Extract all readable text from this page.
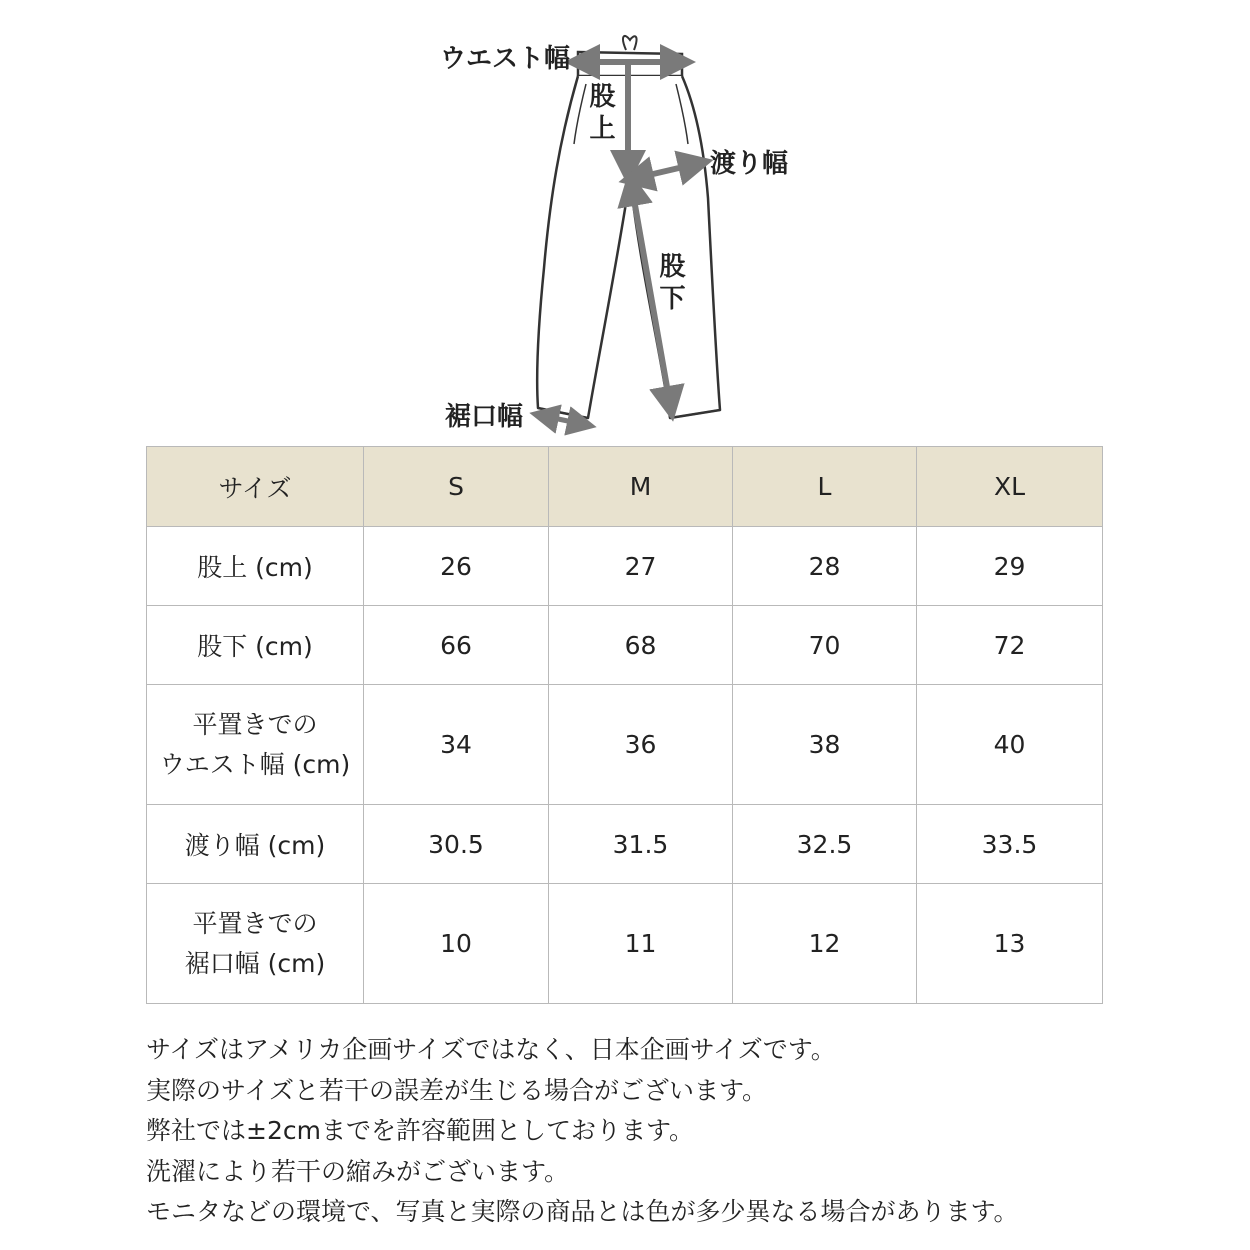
ウエスト幅
股上
渡り幅
股下
裾口幅
サイズ	S	M	L	XL

股上 (cm)	26	27	28	29

股下 (cm)	66	68	70	72

平置きでの
ウエスト幅 (cm)	34	36	38	40

渡り幅 (cm)	30.5	31.5	32.5	33.5

平置きでの
裾口幅 (cm)	10	11	12	13
サイズはアメリカ企画サイズではなく、日本企画サイズです。
実際のサイズと若干の誤差が生じる場合がございます。
弊社では±2cmまでを許容範囲としております。
洗濯により若干の縮みがございます。
モニタなどの環境で、写真と実際の商品とは色が多少異なる場合があります。
